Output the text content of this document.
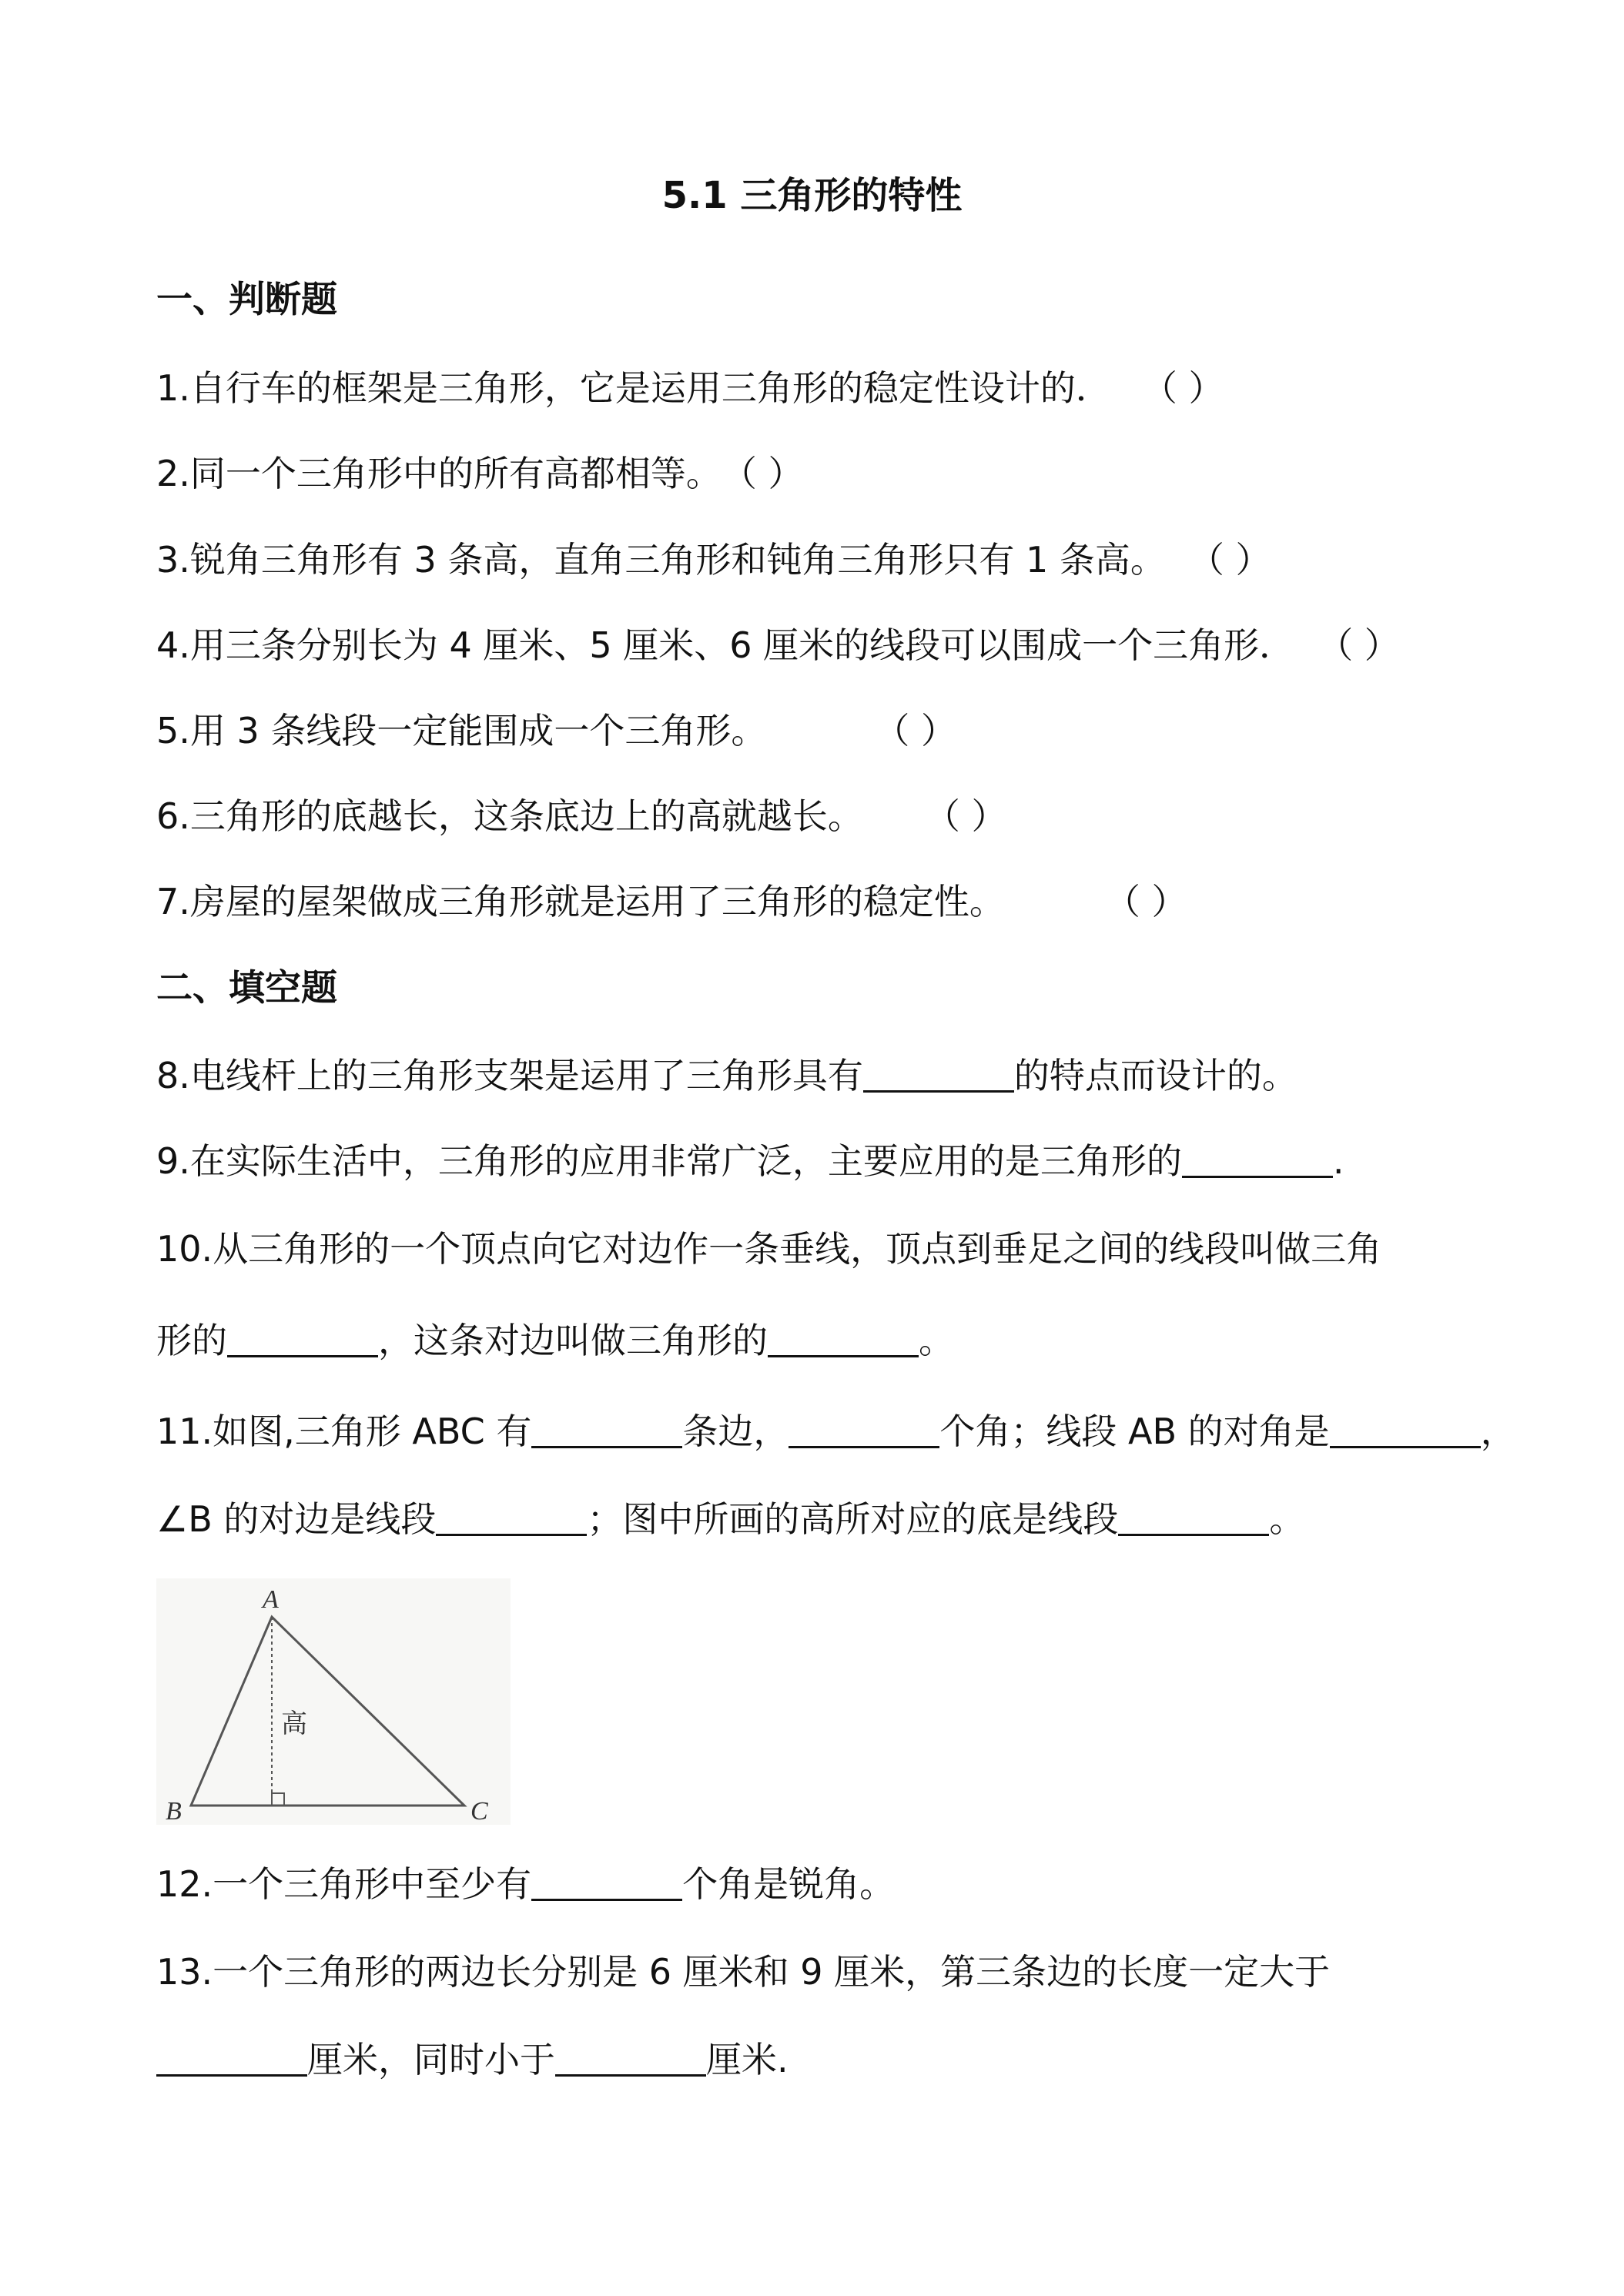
5.1 三角形的特性
一、判断题
1.自行车的框架是三角形，它是运用三角形的稳定性设计的． （ ）
2.同一个三角形中的所有高都相等。（ ）
3.锐角三角形有 3 条高，直角三角形和钝角三角形只有 1 条高。 （ ）
4.用三条分别长为 4 厘米、5 厘米、6 厘米的线段可以围成一个三角形． （ ）
5.用 3 条线段一定能围成一个三角形。	（ ）
6.三角形的底越长，这条底边上的高就越长。 （ ）
7.房屋的屋架做成三角形就是运用了三角形的稳定性。	（ ）
二、填空题
8.电线杆上的三角形支架是运用了三角形具有	的特点而设计的。
9.在实际生活中，三角形的应用非常广泛，主要应用的是三角形的	.
10.从三角形的一个顶点向它对边作一条垂线，顶点到垂足之间的线段叫做三角
形的	，这条对边叫做三角形的	。
11.如图,三角形 ABC 有	条边，	个角；线段 AB 的对角是	，
∠B 的对边是线段	；图中所画的高所对应的底是线段	。
A
B	C
高
12.一个三角形中至少有	个角是锐角。
13.一个三角形的两边长分别是 6 厘米和 9 厘米，第三条边的长度一定大于
厘米，同时小于	厘米.
